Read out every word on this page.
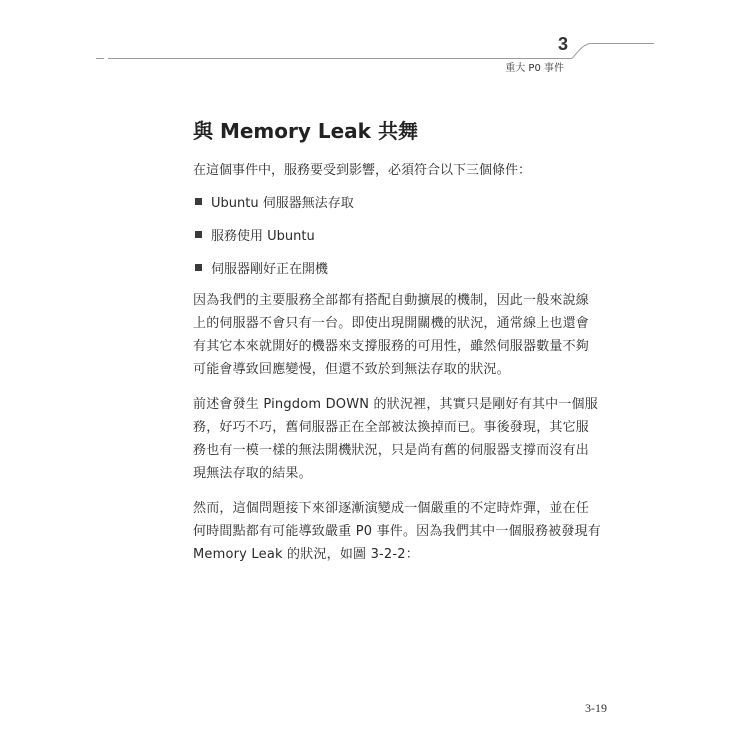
3
重大 P0 事件
與 Memory Leak 共舞

在這個事件中，服務要受到影響，必須符合以下三個條件：

Ubuntu 伺服器無法存取
服務使用 Ubuntu
伺服器剛好正在開機

因為我們的主要服務全部都有搭配自動擴展的機制，因此一般來說線
上的伺服器不會只有一台。即使出現開關機的狀況，通常線上也還會
有其它本來就開好的機器來支撐服務的可用性，雖然伺服器數量不夠
可能會導致回應變慢，但還不致於到無法存取的狀況。

前述會發生 Pingdom DOWN 的狀況裡，其實只是剛好有其中一個服
務，好巧不巧，舊伺服器正在全部被汰換掉而已。事後發現，其它服
務也有一模一樣的無法開機狀況，只是尚有舊的伺服器支撐而沒有出
現無法存取的結果。

然而，這個問題接下來卻逐漸演變成一個嚴重的不定時炸彈，並在任
何時間點都有可能導致嚴重 P0 事件。因為我們其中一個服務被發現有
Memory Leak 的狀況，如圖 3-2-2：

3-19
